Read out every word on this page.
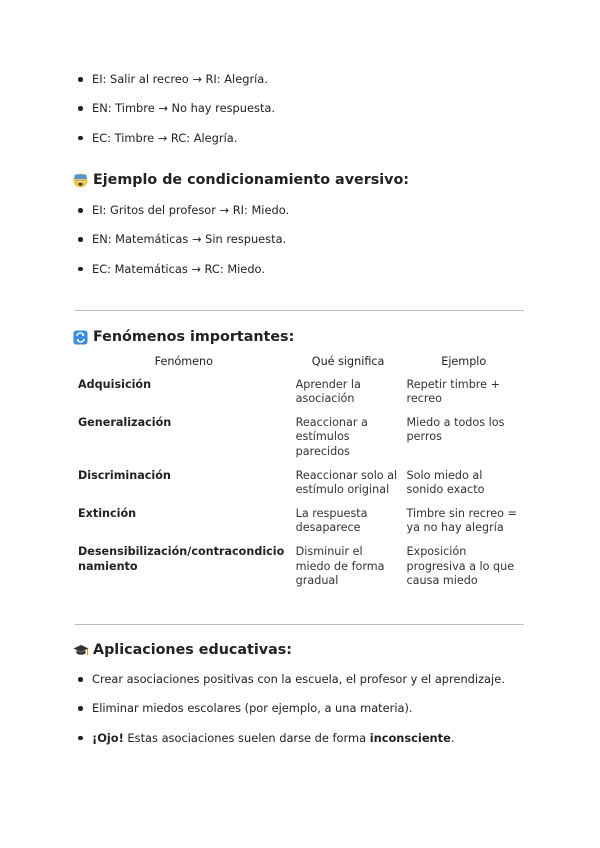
EI: Salir al recreo → RI: Alegría.
EN: Timbre → No hay respuesta.
EC: Timbre → RC: Alegría.
Ejemplo de condicionamiento aversivo:
EI: Gritos del profesor → RI: Miedo.
EN: Matemáticas → Sin respuesta.
EC: Matemáticas → RC: Miedo.
Fenómenos importantes:
Fenómeno	Qué significa	Ejemplo
Adquisición	Aprender la asociación	Repetir timbre + recreo
Generalización	Reaccionar a estímulos parecidos	Miedo a todos los perros
Discriminación	Reaccionar solo al estímulo original	Solo miedo al sonido exacto
Extinción	La respuesta desaparece	Timbre sin recreo = ya no hay alegría
Desensibilización/contracondicionamiento	Disminuir el miedo de forma gradual	Exposición progresiva a lo que causa miedo
Aplicaciones educativas:
Crear asociaciones positivas con la escuela, el profesor y el aprendizaje.
Eliminar miedos escolares (por ejemplo, a una materia).
¡Ojo! Estas asociaciones suelen darse de forma inconsciente.
